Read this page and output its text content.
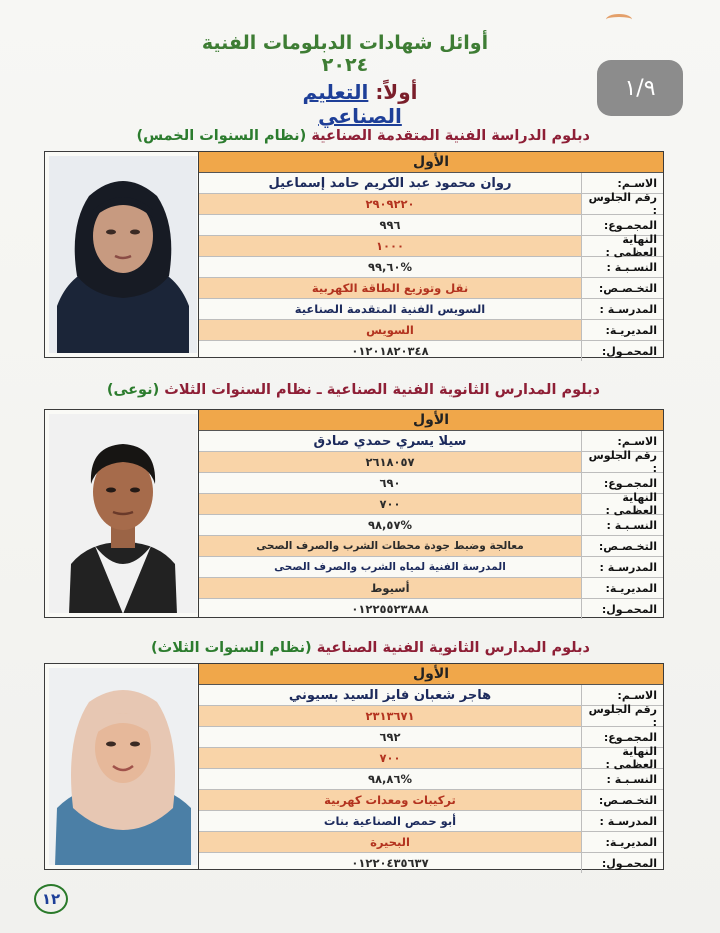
أوائل شهادات الدبلومات الفنية ٢٠٢٤
١/٩
أولاً: التعليم الصناعي
دبلوم الدراسة الفنية المتقدمة الصناعية (نظام السنوات الخمس)
الأول
الاسـم:
روان محمود عبد الكريم حامد إسماعيل
رقم الجلوس :
٢٩٠٩٢٢٠
المجمـوع:
٩٩٦
النهاية العظمى :
١٠٠٠
النسـبـة :
%٩٩,٦٠
التخـصـص:
نقل وتوزيع الطاقة الكهربية
المدرسـة :
السويس الفنية المتقدمة الصناعية
المديريـة:
السويس
المحمـول:
٠١٢٠١٨٢٠٣٤٨
دبلوم المدارس الثانوية الفنية الصناعية ـ نظام السنوات الثلاث (نوعى)
الأول
الاسـم:
سيلا يسري حمدي صادق
رقم الجلوس :
٢٦١٨٠٥٧
المجمـوع:
٦٩٠
النهاية العظمى :
٧٠٠
النسـبـة :
%٩٨,٥٧
التخـصـص:
معالجة وضبط جودة محطات الشرب والصرف الصحى
المدرسـة :
المدرسة الفنية لمياه الشرب والصرف الصحى
المديريـة:
أسيوط
المحمـول:
٠١٢٢٥٥٢٣٨٨٨
دبلوم المدارس الثانوية الفنية الصناعية (نظام السنوات الثلاث)
الأول
الاسـم:
هاجر شعبان فايز السيد بسيوني
رقم الجلوس :
٢٣١٣٦٧١
المجمـوع:
٦٩٢
النهاية العظمى :
٧٠٠
النسـبـة :
%٩٨,٨٦
التخـصـص:
تركيبات ومعدات كهربية
المدرسـة :
أبو حمص الصناعية بنات
المديريـة:
البحيرة
المحمـول:
٠١٢٢٠٤٣٥٦٣٧
١٢
